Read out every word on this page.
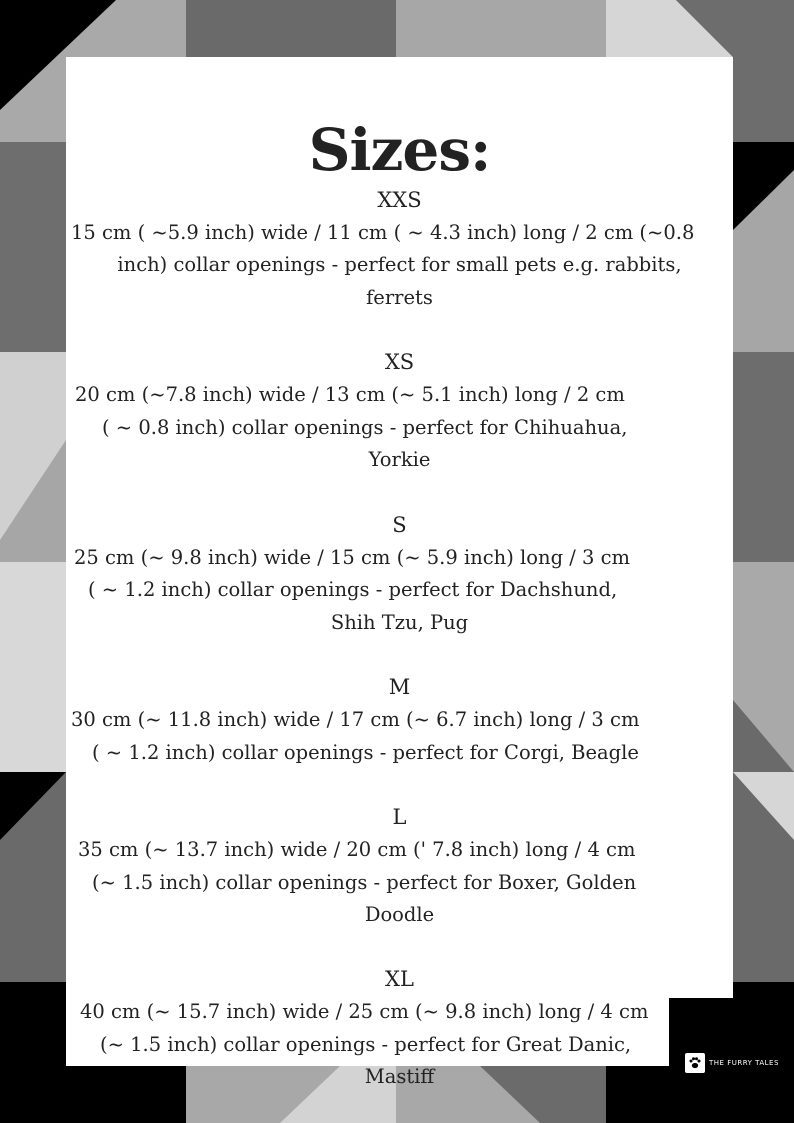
Sizes:
XXS
15 cm ( ~5.9 inch) wide / 11 cm ( ~ 4.3 inch) long / 2 cm (~0.8
inch) collar openings - perfect for small pets e.g. rabbits,
ferrets
XS
20 cm (~7.8 inch) wide / 13 cm (~ 5.1 inch) long / 2 cm
( ~ 0.8 inch) collar openings - perfect for Chihuahua,
Yorkie
S
25 cm (~ 9.8 inch) wide / 15 cm (~ 5.9 inch) long / 3 cm
( ~ 1.2 inch) collar openings - perfect for Dachshund,
Shih Tzu, Pug
M
30 cm (~ 11.8 inch) wide / 17 cm (~ 6.7 inch) long / 3 cm
( ~ 1.2 inch) collar openings - perfect for Corgi, Beagle
L
35 cm (~ 13.7 inch) wide / 20 cm (' 7.8 inch) long / 4 cm
(~ 1.5 inch) collar openings - perfect for Boxer, Golden
Doodle
XL
40 cm (~ 15.7 inch) wide / 25 cm (~ 9.8 inch) long / 4 cm
(~ 1.5 inch) collar openings - perfect for Great Danic,
Mastiff
THE FURRY TALES
